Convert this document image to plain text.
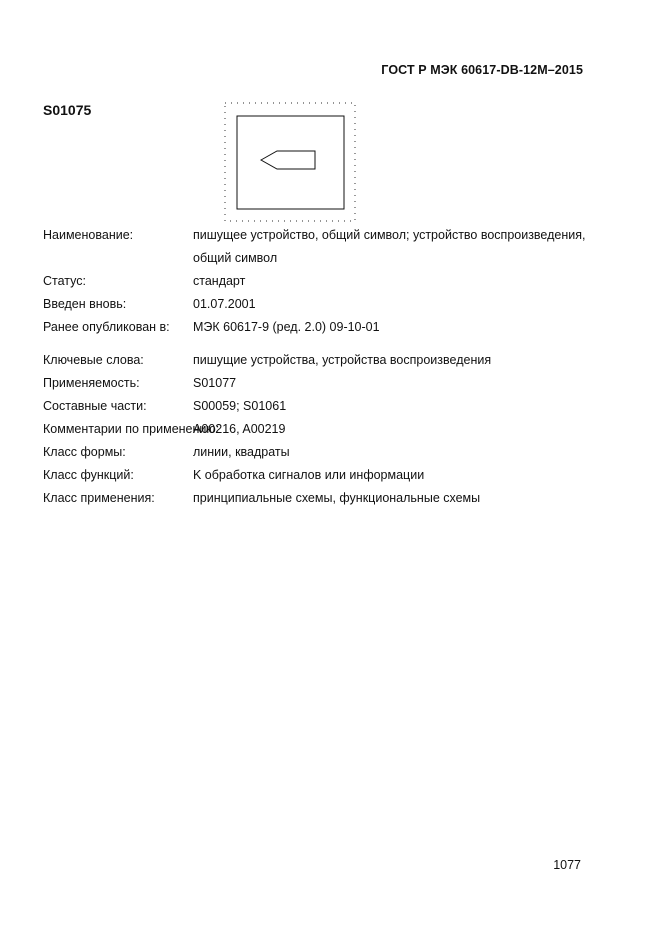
ГОСТ Р МЭК 60617-DB-12M–2015
S01075
Наименование:	пишущее устройство, общий символ; устройство воспроизведения, общий символ
Статус:	стандарт
Введен вновь:	01.07.2001
Ранее опубликован в:	МЭК 60617-9 (ред. 2.0) 09-10-01
Ключевые слова:	пишущие устройства, устройства воспроизведения
Применяемость:	S01077
Составные части:	S00059; S01061
Комментарии по применению:
A00216, A00219
Класс формы:	линии, квадраты
Класс функций:	K обработка сигналов или информации
Класс применения:	принципиальные схемы, функциональные схемы
1077
